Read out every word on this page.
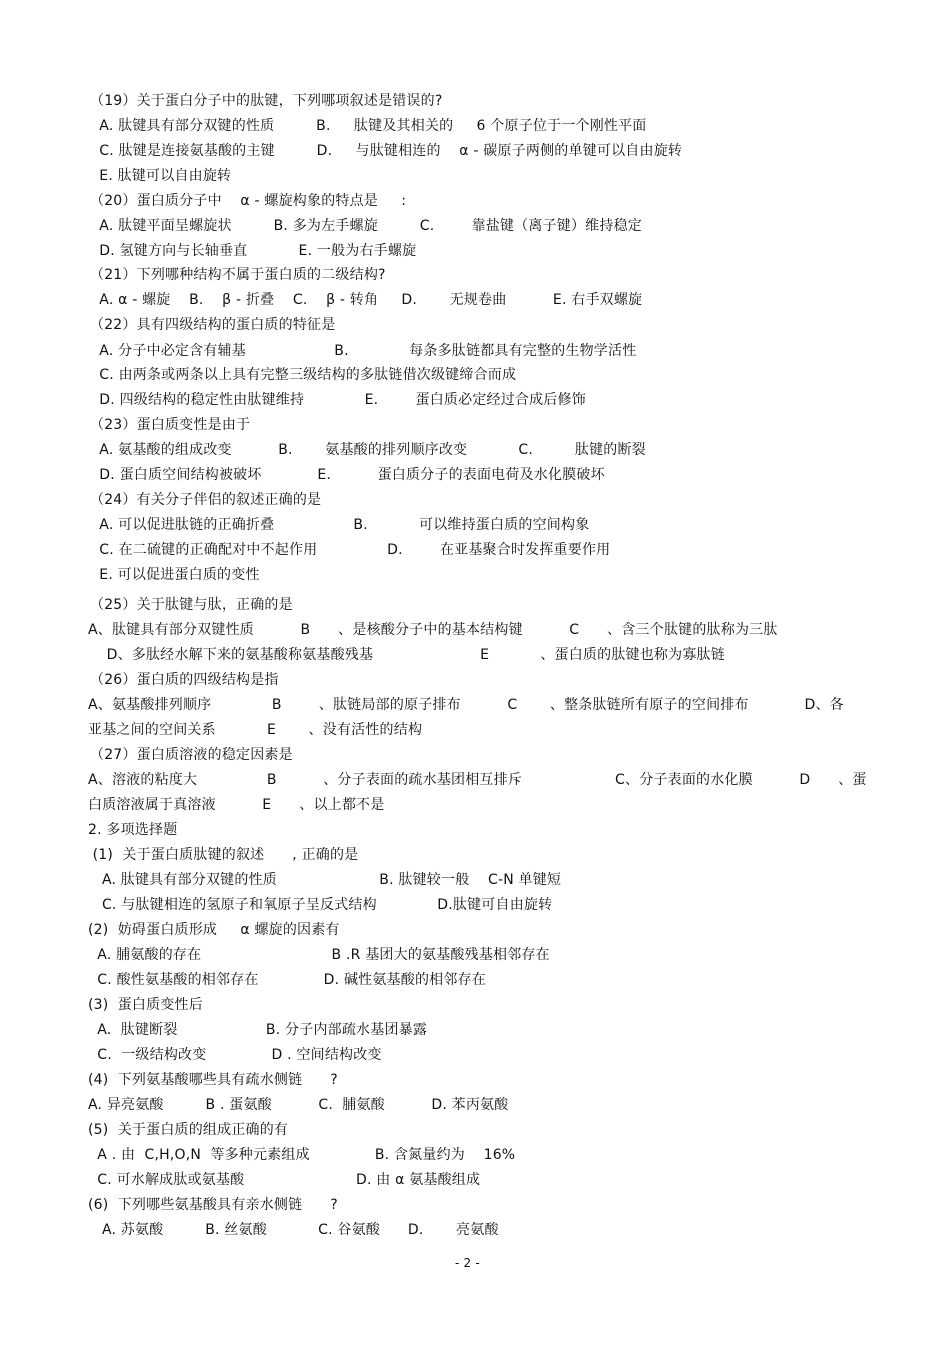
（19）关于蛋白分子中的肽键，下列哪项叙述是错误的?
A. 肽键具有部分双键的性质         B.     肽键及其相关的     6 个原子位于一个刚性平面
C. 肽键是连接氨基酸的主键         D.     与肽键相连的    α - 碳原子两侧的单键可以自由旋转
E. 肽键可以自由旋转
（20）蛋白质分子中    α - 螺旋构象的特点是     :
A. 肽键平面呈螺旋状         B. 多为左手螺旋         C.        靠盐键（离子键）维持稳定
D. 氢键方向与长轴垂直           E. 一般为右手螺旋
（21）下列哪种结构不属于蛋白质的二级结构?
A. α - 螺旋    B.    β - 折叠    C.    β - 转角     D.       无规卷曲          E. 右手双螺旋
（22）具有四级结构的蛋白质的特征是
A. 分子中必定含有辅基                   B.             每条多肽链都具有完整的生物学活性
C. 由两条或两条以上具有完整三级结构的多肽链借次级键缔合而成
D. 四级结构的稳定性由肽键维持             E.        蛋白质必定经过合成后修饰
（23）蛋白质变性是由于
A. 氨基酸的组成改变          B.       氨基酸的排列顺序改变           C.         肽键的断裂
D. 蛋白质空间结构被破坏            E.          蛋白质分子的表面电荷及水化膜破坏
（24）有关分子伴侣的叙述正确的是
A. 可以促进肽链的正确折叠                 B.           可以维持蛋白质的空间构象
C. 在二硫键的正确配对中不起作用               D.        在亚基聚合时发挥重要作用
E. 可以促进蛋白质的变性
（25）关于肽键与肽，正确的是
A、肽键具有部分双键性质          B      、是核酸分子中的基本结构键          C      、含三个肽键的肽称为三肽
D、多肽经水解下来的氨基酸称氨基酸残基                       E           、蛋白质的肽键也称为寡肽链
（26）蛋白质的四级结构是指
A、氨基酸排列顺序             B        、肽链局部的原子排布          C       、整条肽链所有原子的空间排布            D、各
亚基之间的空间关系           E       、没有活性的结构
（27）蛋白质溶液的稳定因素是
A、溶液的粘度大               B          、分子表面的疏水基团相互排斥                    C、分子表面的水化膜          D      、蛋
白质溶液属于真溶液          E      、以上都不是
2. 多项选择题
(1)  关于蛋白质肽键的叙述      , 正确的是
A. 肽键具有部分双键的性质                      B. 肽键较一般    C-N 单键短
C. 与肽键相连的氢原子和氧原子呈反式结构             D.肽键可自由旋转
(2)  妨碍蛋白质形成     α 螺旋的因素有
A. 脯氨酸的存在                            B .R 基团大的氨基酸残基相邻存在
C. 酸性氨基酸的相邻存在              D. 碱性氨基酸的相邻存在
(3)  蛋白质变性后
A.  肽键断裂                   B. 分子内部疏水基团暴露
C.  一级结构改变              D . 空间结构改变
(4)  下列氨基酸哪些具有疏水侧链      ?
A. 异亮氨酸         B . 蛋氨酸          C.  脯氨酸          D. 苯丙氨酸
(5)  关于蛋白质的组成正确的有
A . 由  C,H,O,N  等多种元素组成              B. 含氮量约为    16%
C. 可水解成肽或氨基酸                        D. 由 α 氨基酸组成
(6)  下列哪些氨基酸具有亲水侧链      ?
A. 苏氨酸         B. 丝氨酸           C. 谷氨酸      D.       亮氨酸
- 2 -
